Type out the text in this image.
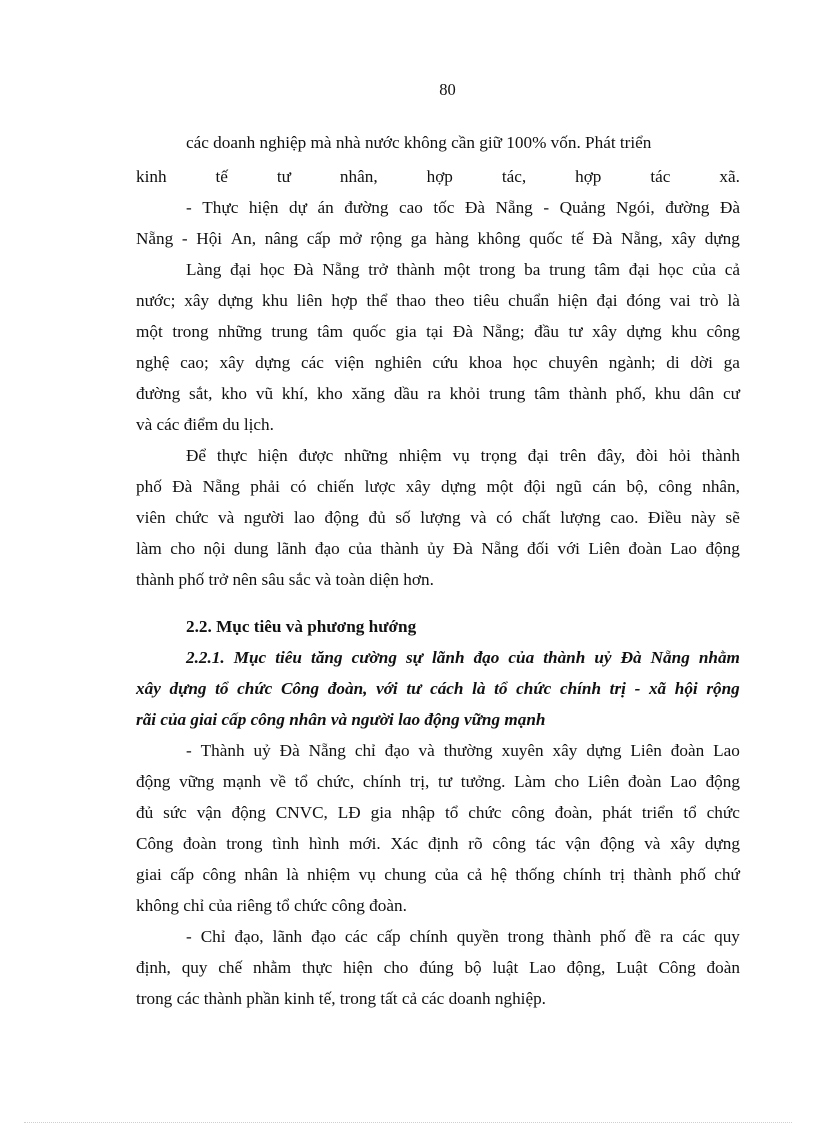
80
các doanh nghiệp mà nhà nước không cần giữ 100% vốn. Phát triển
kinh	tế	tư	nhân,	hợp	tác,	hợp	tác	xã.
- Thực hiện dự án đường cao tốc Đà Nẵng - Quảng Ngói, đường Đà
Nẵng - Hội An, nâng cấp mở rộng ga hàng không quốc tế Đà Nẵng, xây dựng
Làng đại học Đà Nẵng trở thành một trong ba trung tâm đại học của cả
nước; xây dựng khu liên hợp thể thao theo tiêu chuẩn hiện đại đóng vai trò là
một trong những trung tâm quốc gia tại Đà Nẵng; đầu tư xây dựng khu công
nghệ cao; xây dựng các viện nghiên cứu khoa học chuyên ngành; di dời ga
đường sắt, kho vũ khí, kho xăng dầu ra khỏi trung tâm thành phố, khu dân cư
và các điểm du lịch.
Để thực hiện được những nhiệm vụ trọng đại trên đây, đòi hỏi thành
phố Đà Nẵng phải có chiến lược xây dựng một đội ngũ cán bộ, công nhân,
viên chức và người lao động đủ số lượng và có chất lượng cao. Điều này sẽ
làm cho nội dung lãnh đạo của thành ủy Đà Nẵng đối với Liên đoàn Lao động
thành phố trở nên sâu sắc và toàn diện hơn.
2.2. Mục tiêu và phương hướng
2.2.1. Mục tiêu tăng cường sự lãnh đạo của thành uỷ Đà Nẵng nhằm
xây dựng tổ chức Công đoàn, với tư cách là tổ chức chính trị - xã hội rộng
rãi của giai cấp công nhân và người lao động vững mạnh
- Thành uỷ Đà Nẵng chỉ đạo và thường xuyên xây dựng Liên đoàn Lao
động vững mạnh về tổ chức, chính trị, tư tưởng. Làm cho Liên đoàn Lao động
đủ sức vận động CNVC, LĐ gia nhập tổ chức công đoàn, phát triển tổ chức
Công đoàn trong tình hình mới. Xác định rõ công tác vận động và xây dựng
giai cấp công nhân là nhiệm vụ chung của cả hệ thống chính trị thành phố chứ
không chỉ của riêng tổ chức công đoàn.
- Chỉ đạo, lãnh đạo các cấp chính quyền trong thành phố đề ra các quy
định, quy chế nhằm thực hiện cho đúng bộ luật Lao động, Luật Công đoàn
trong các thành phần kinh tế, trong tất cả các doanh nghiệp.
